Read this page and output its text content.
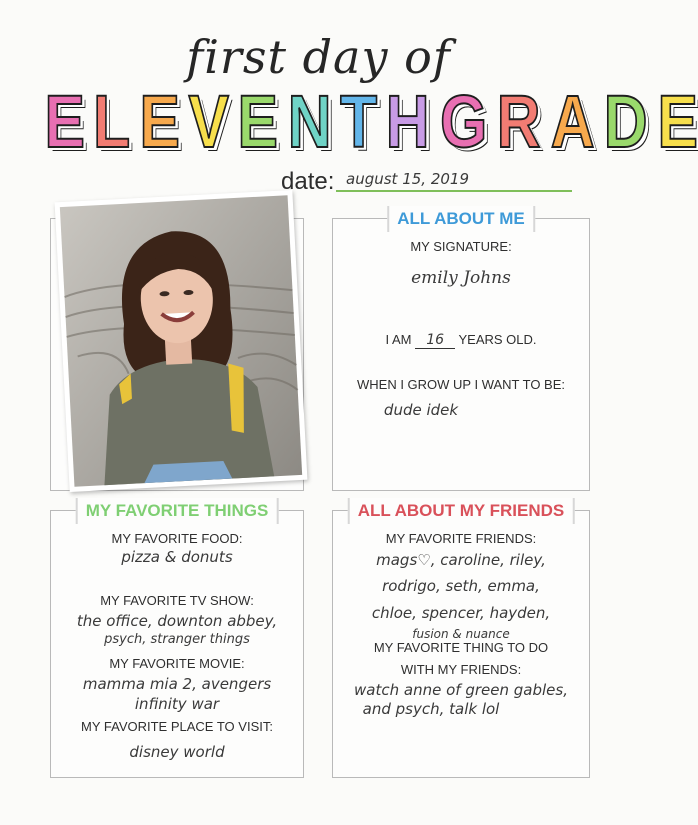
first day of
E L E V E N T H G R A D E
date: august 15, 2019
ALL ABOUT ME
MY SIGNATURE:
emily Johns
I AM 16 YEARS OLD.
WHEN I GROW UP I WANT TO BE:
dude idek
MY FAVORITE THINGS
MY FAVORITE FOOD:
pizza & donuts
MY FAVORITE TV SHOW:
the office, downton abbey,
psych, stranger things
MY FAVORITE MOVIE:
mamma mia 2, avengers
infinity war
MY FAVORITE PLACE TO VISIT:
disney world
ALL ABOUT MY FRIENDS
MY FAVORITE FRIENDS:
mags♡, caroline, riley,
rodrigo, seth, emma,
chloe, spencer, hayden,
fusion & nuance
MY FAVORITE THING TO DO
WITH MY FRIENDS:
watch anne of green gables,
and psych, talk lol
